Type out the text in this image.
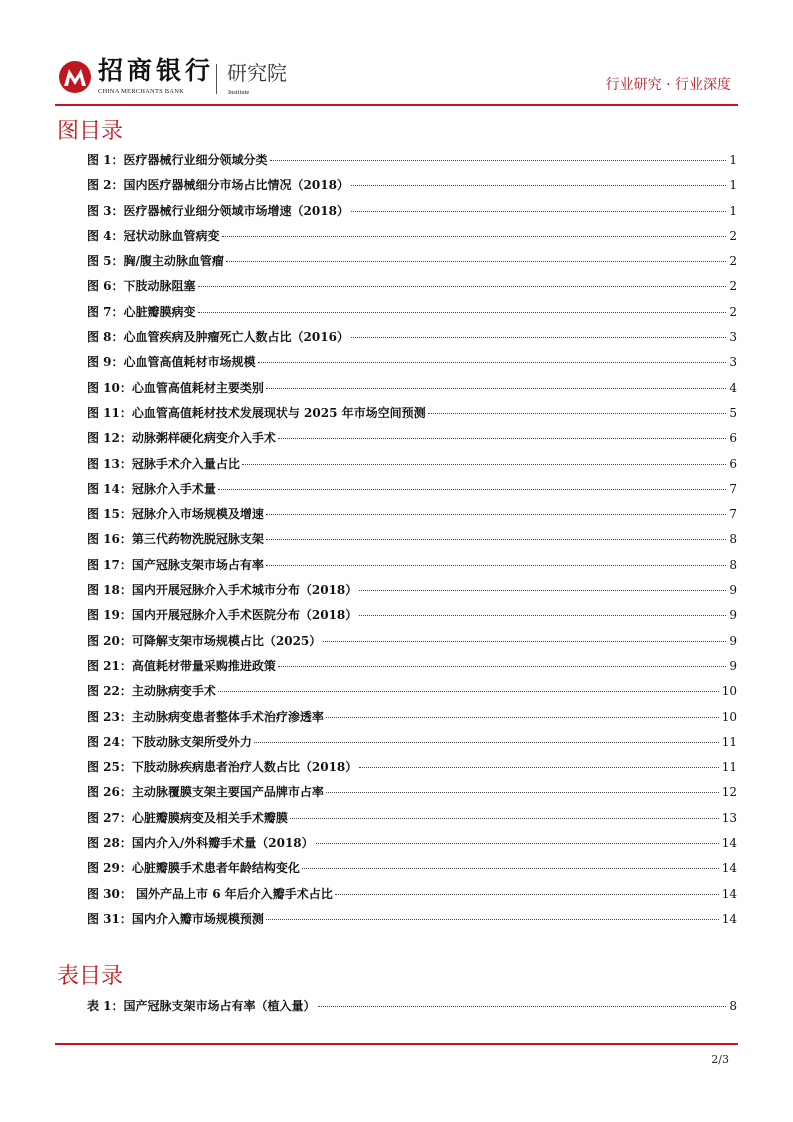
招商银行
CHINA MERCHANTS BANK
研究院
Institute	行业研究 · 行业深度
图目录
图 1：医疗器械行业细分领域分类	1
图 2：国内医疗器械细分市场占比情况（2018）	1
图 3：医疗器械行业细分领域市场增速（2018）	1
图 4：冠状动脉血管病变	2
图 5：胸/腹主动脉血管瘤	2
图 6：下肢动脉阻塞	2
图 7：心脏瓣膜病变	2
图 8：心血管疾病及肿瘤死亡人数占比（2016）	3
图 9：心血管高值耗材市场规模	3
图 10：心血管高值耗材主要类别	4
图 11：心血管高值耗材技术发展现状与 2025 年市场空间预测	5
图 12：动脉粥样硬化病变介入手术	6
图 13：冠脉手术介入量占比	6
图 14：冠脉介入手术量	7
图 15：冠脉介入市场规模及增速	7
图 16：第三代药物洗脱冠脉支架	8
图 17：国产冠脉支架市场占有率	8
图 18：国内开展冠脉介入手术城市分布（2018）	9
图 19：国内开展冠脉介入手术医院分布（2018）	9
图 20：可降解支架市场规模占比（2025）	9
图 21：高值耗材带量采购推进政策	9
图 22：主动脉病变手术	10
图 23：主动脉病变患者整体手术治疗渗透率	10
图 24：下肢动脉支架所受外力	11
图 25：下肢动脉疾病患者治疗人数占比（2018）	11
图 26：主动脉覆膜支架主要国产品牌市占率	12
图 27：心脏瓣膜病变及相关手术瓣膜	13
图 28：国内介入/外科瓣手术量（2018）	14
图 29：心脏瓣膜手术患者年龄结构变化	14
图 30： 国外产品上市 6 年后介入瓣手术占比	14
图 31：国内介入瓣市场规模预测	14
表目录
表 1：国产冠脉支架市场占有率（植入量）	8
2/3
